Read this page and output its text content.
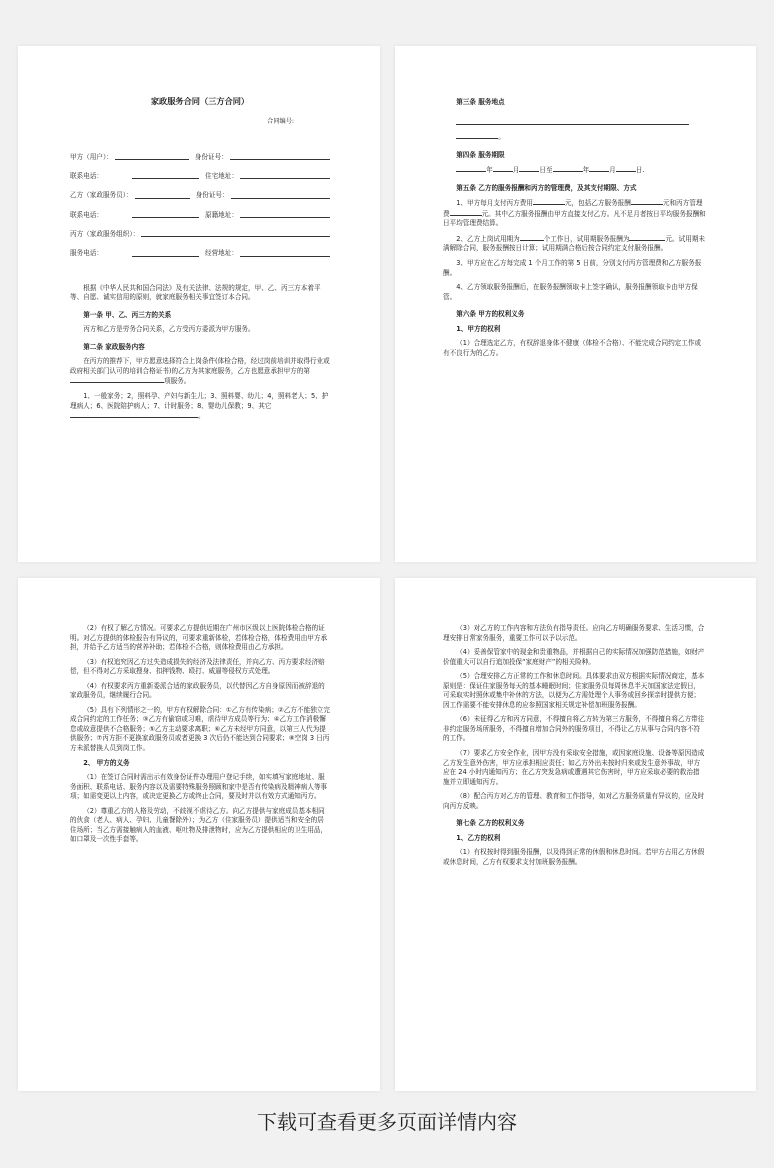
家政服务合同（三方合同）
合同编号:
甲方（用户）：	身份证号：
联系电话：	住宅地址：
乙方（家政服务员）：	身份证号：
联系电话：	原籍地址：
丙方（家政服务组织）：
服务电话：	经营地址：

根据《中华人民共和国合同法》及有关法律、法规的规定，甲、乙、丙三方本着平等、自愿、诚实信用的原则，就家庭服务相关事宜签订本合同。

第一条 甲、乙、丙三方的关系

丙方和乙方是劳务合同关系，乙方受丙方委派为甲方服务。

第二条 家政服务内容

在丙方的推荐下，甲方愿意选择符合上岗条件(体检合格，经过岗前培训并取得行业或政府相关部门认可的培训合格证书)的乙方为其家庭服务，乙方也愿意承担甲方的第项服务。

1、一般家务；2，照料孕、产妇与新生儿；3、照料婴、幼儿；4，照料老人；5、护理病人；6、医院陪护病人；7、计时服务；8、婴幼儿保教；9、其它。

第三条 服务地点

。

第四条 服务期限

年	月	日至	年	月	日.

第五条 乙方的服务报酬和丙方的管理费，及其支付期限、方式

1、甲方每月支付丙方费用	元，包括乙方服务报酬	元和丙方管理费	元。其中乙方服务报酬由甲方直接支付乙方。凡不足月者按日平均服务报酬和日平均管理费结算。

2、乙方上岗试用期为	个工作日，试用期服务报酬为	元。试用期未满解除合同，服务报酬按日计算；试用期满合格后按合同约定支付服务报酬。

3、甲方应在乙方每完成 1 个月工作的第 5 日前，分别支付丙方管理费和乙方服务报酬。

4、乙方领取服务报酬后，在服务报酬领取卡上签字确认，服务报酬领取卡由甲方保管。

第六条 甲方的权利义务

1、甲方的权利

（1）合理选定乙方，有权辞退身体不健康（体检不合格）、不能完成合同约定工作或有不良行为的乙方。

（2）有权了解乙方情况。可要求乙方提供近期在广州市区级以上医院体检合格的证明。对乙方提供的体检报告有异议的，可要求重新体检，若体检合格，体检费用由甲方承担，并给予乙方适当的营养补助；若体检不合格，则体检费用由乙方承担。

（3）有权追究因乙方过失造成损失的经济及法律责任，并向乙方、丙方要求经济赔偿，但不得对乙方采取搜身、扣押钱物、殴打、威逼等侵权方式处理。

（4）有权要求丙方重新委派合适的家政服务员，以代替因乙方自身原因而被辞退的家政服务员，继续履行合同。

（5）具有下列情形之一的，甲方有权解除合同：①乙方有传染病；②乙方不能独立完成合同约定的工作任务；③乙方有偷窃或习难，虐待甲方成员等行为；④乙方工作消极懈怠或故意提供不合格服务；⑤乙方主动要求离职；⑥乙方未经甲方同意，以第三人代为提供服务；⑦丙方拒不更换家政服务员或者更换 3 次后仍不能达到合同要求；⑧空岗 3 日丙方未派替换人员到岗工作。

2、 甲方的义务

（1）在签订合同时需出示有效身份证件办理用户登记手续，如实填写家庭地址、服务面积、联系电话、服务内容以及需要特殊服务照顾和家中是否有传染病及精神病人等事项；如需变更以上内容，或决定更换乙方或终止合同，要及时并以有效方式通知丙方。

（2）尊重乙方的人格及劳动，不歧视不虐待乙方。向乙方提供与家庭成员基本相同的伙食（老人、病人、孕妇、儿童餐除外）；为乙方（住家服务员）提供适当和安全的居住场所；当乙方需接触病人的血液、呕吐物及排泄物时，应为乙方提供相应的卫生用品，如口罩及一次性手套等。

（3）对乙方的工作内容和方法负有指导责任。应向乙方明确服务要求、生活习惯，合理安排日常家务服务，重要工作可以予以示范。

（4）妥善保管家中的现金和贵重物品，并根据自己的实际情况加强防范措施，如财产价值重大可以自行追加投保“家庭财产”的相关险种。

（5）合理安排乙方正常的工作和休息时间。具体要求由双方根据实际情况商定，基本原则是：保证住家服务每天的基本睡眠时间；住家服务员每周休息半天加国家法定假日，可采取实时照休或集中补休的方法，以便为乙方需处理个人事务或回乡探亲时提供方便；因工作需要不能安排休息的应参照国家相关规定补偿加班服务报酬。

（6）未征得乙方和丙方同意，不得擅自将乙方转为第三方服务，不得擅自将乙方带往非约定服务场所服务，不得擅自增加合同外的服务项目，不得让乙方从事与合同内容不符的工作。

（7）要求乙方安全作业，因甲方没有采取安全措施，或因家庭设施、设备等原因造成乙方发生意外伤害，甲方应承担相应责任；如乙方外出未按时归来或发生意外事故，甲方应在 24 小时内通知丙方；在乙方突发急病或遭遇其它伤害时，甲方应采取必要的救治措施并立即通知丙方。

（8）配合丙方对乙方的管理、教育和工作指导，如对乙方服务质量有异议的，应及时向丙方反映。

第七条 乙方的权利义务

1、乙方的权利

（1）有权按时得到服务报酬，以及得到正常的休假和休息时间。若甲方占用乙方休假或休息时间，乙方有权要求支付加班服务报酬。

下载可查看更多页面详情内容
